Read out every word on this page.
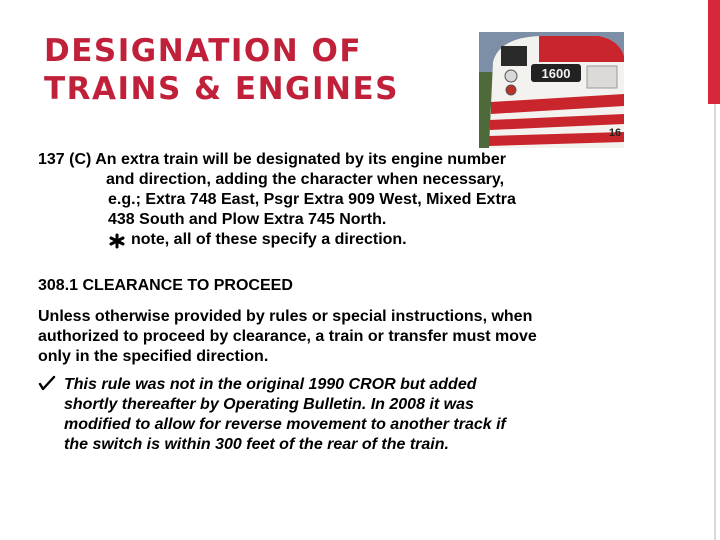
DESIGNATION OF
TRAINS & ENGINES	1600
16
137 (C) An extra train will be designated by its engine number
and direction, adding the character when necessary,
e.g.; Extra 748 East, Psgr Extra 909 West, Mixed Extra
438 South and Plow Extra 745 North.
note, all of these specify a direction.
308.1 CLEARANCE TO PROCEED
Unless otherwise provided by rules or special instructions, when
authorized to proceed by clearance, a train or transfer must move
only in the specified direction.
This rule was not in the original 1990 CROR but added
shortly thereafter by Operating Bulletin. In 2008 it was
modified to allow for reverse movement to another track if
the switch is within 300 feet of the rear of the train.
